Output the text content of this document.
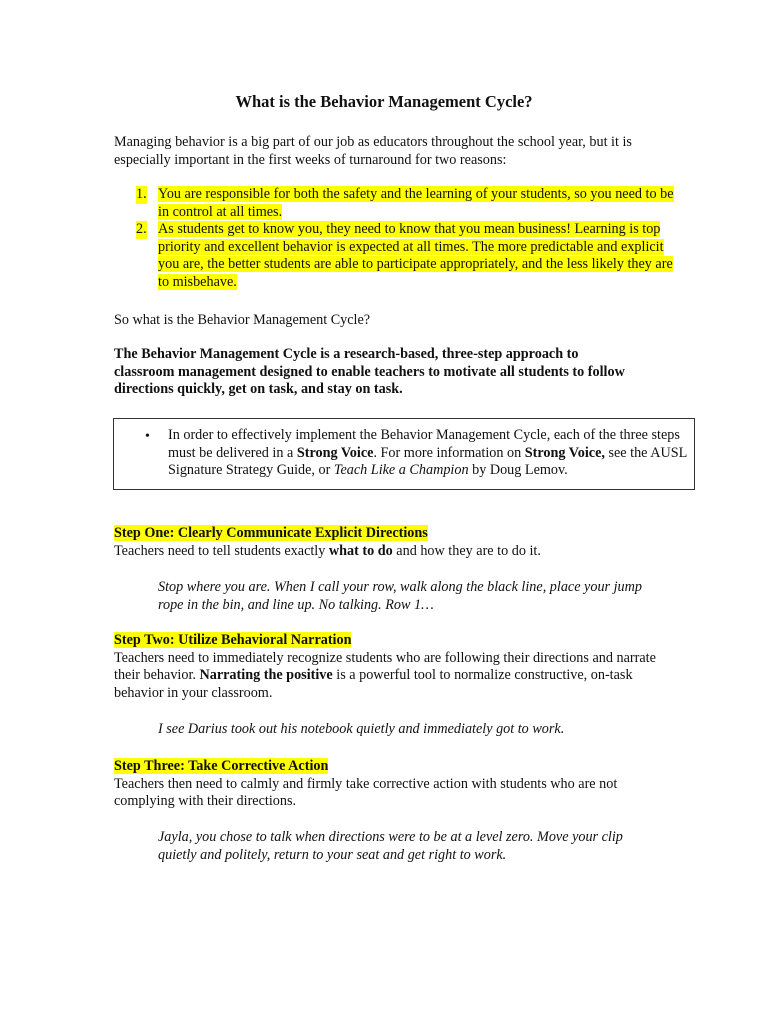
What is the Behavior Management Cycle?
Managing behavior is a big part of our job as educators throughout the school year, but it is especially important in the first weeks of turnaround for two reasons:
1. You are responsible for both the safety and the learning of your students, so you need to be in control at all times.
2. As students get to know you, they need to know that you mean business! Learning is top priority and excellent behavior is expected at all times. The more predictable and explicit you are, the better students are able to participate appropriately, and the less likely they are to misbehave.
So what is the Behavior Management Cycle?
The Behavior Management Cycle is a research-based, three-step approach to classroom management designed to enable teachers to motivate all students to follow directions quickly, get on task, and stay on task.
• In order to effectively implement the Behavior Management Cycle, each of the three steps must be delivered in a Strong Voice. For more information on Strong Voice, see the AUSL Signature Strategy Guide, or Teach Like a Champion by Doug Lemov.
Step One: Clearly Communicate Explicit Directions
Teachers need to tell students exactly what to do and how they are to do it.
Stop where you are. When I call your row, walk along the black line, place your jump rope in the bin, and line up. No talking. Row 1…
Step Two: Utilize Behavioral Narration
Teachers need to immediately recognize students who are following their directions and narrate their behavior. Narrating the positive is a powerful tool to normalize constructive, on-task behavior in your classroom.
I see Darius took out his notebook quietly and immediately got to work.
Step Three: Take Corrective Action
Teachers then need to calmly and firmly take corrective action with students who are not complying with their directions.
Jayla, you chose to talk when directions were to be at a level zero. Move your clip quietly and politely, return to your seat and get right to work.
